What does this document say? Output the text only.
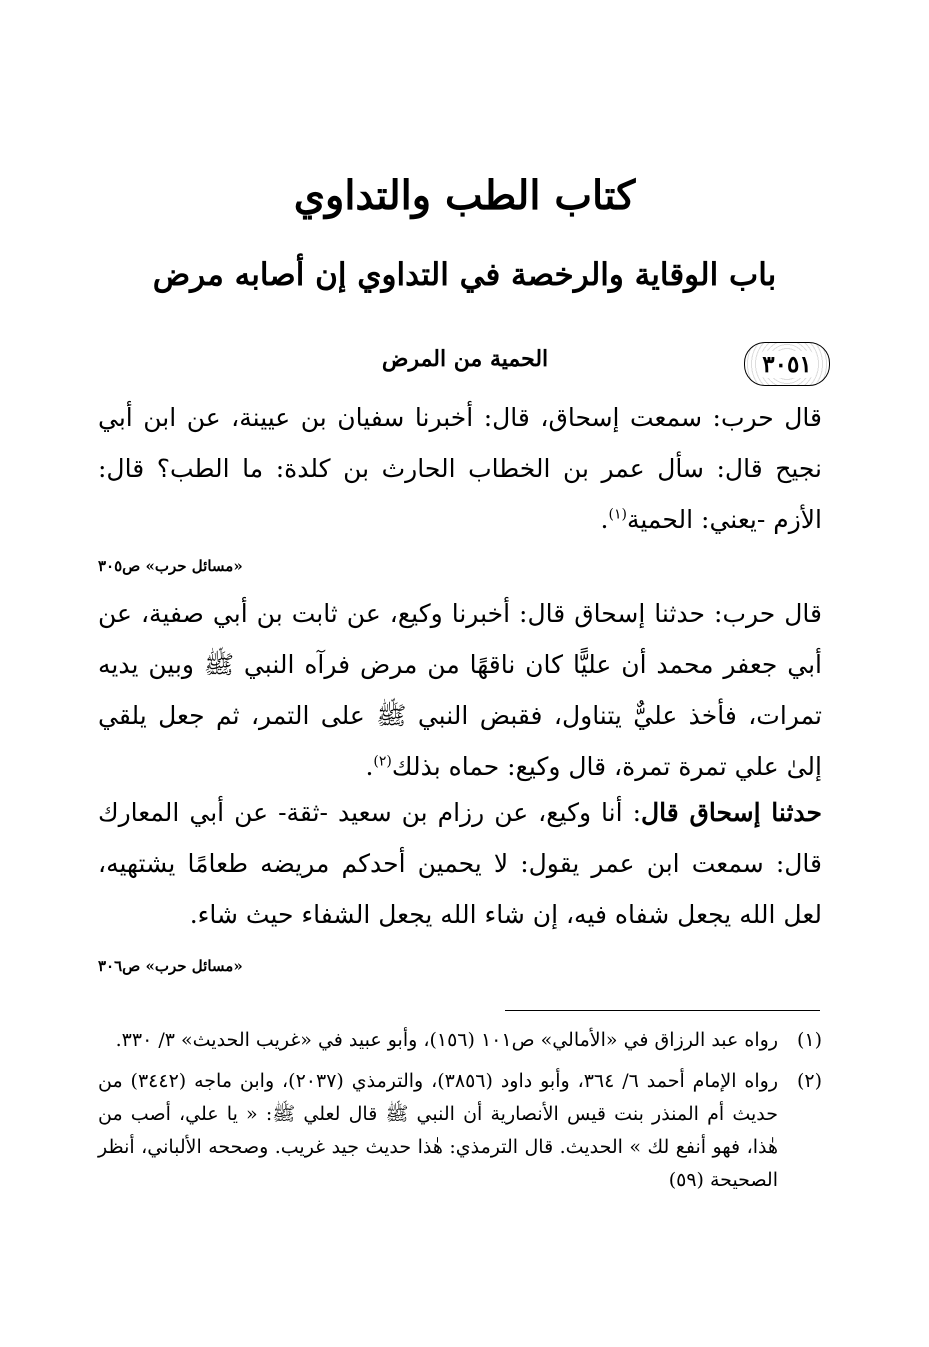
كتاب الطب والتداوي
باب الوقاية والرخصة في التداوي إن أصابه مرض
٣٠٥١
الحمية من المرض
قال حرب: سمعت إسحاق، قال: أخبرنا سفيان بن عيينة، عن ابن أبي نجيح قال: سأل عمر بن الخطاب الحارث بن كلدة: ما الطب؟ قال: الأزم -يعني: الحمية$^{(١)}$.
«مسائل حرب» ص٣٠٥
قال حرب: حدثنا إسحاق قال: أخبرنا وكيع، عن ثابت بن أبي صفية، عن أبي جعفر محمد أن عليًّا كان ناقهًا من مرض فرآه النبي ﷺ وبين يديه تمرات، فأخذ عليٌّ يتناول، فقبض النبي ﷺ على التمر، ثم جعل يلقي إلىٰ علي تمرة تمرة، قال وكيع: حماه بذلك$^{(٢)}$.
حدثنا إسحاق قال: أنا وكيع، عن رزام بن سعيد -ثقة- عن أبي المعارك قال: سمعت ابن عمر يقول: لا يحمين أحدكم مريضه طعامًا يشتهيه، لعل الله يجعل شفاه فيه، إن شاء الله يجعل الشفاء حيث شاء.
«مسائل حرب» ص٣٠٦
(١)
رواه عبد الرزاق في «الأمالي» ص١٠١ (١٥٦)، وأبو عبيد في «غريب الحديث» ٣/ ٣٣٠.
(٢)
رواه الإمام أحمد ٦/ ٣٦٤، وأبو داود (٣٨٥٦)، والترمذي (٢٠٣٧)، وابن ماجه (٣٤٤٢) من حديث أم المنذر بنت قيس الأنصارية أن النبي ﷺ قال لعلي ﷺ: « يا علي، أصب من هٰذا، فهو أنفع لك » الحديث. قال الترمذي: هٰذا حديث جيد غريب. وصححه الألباني، أنظر الصحيحة (٥٩)
